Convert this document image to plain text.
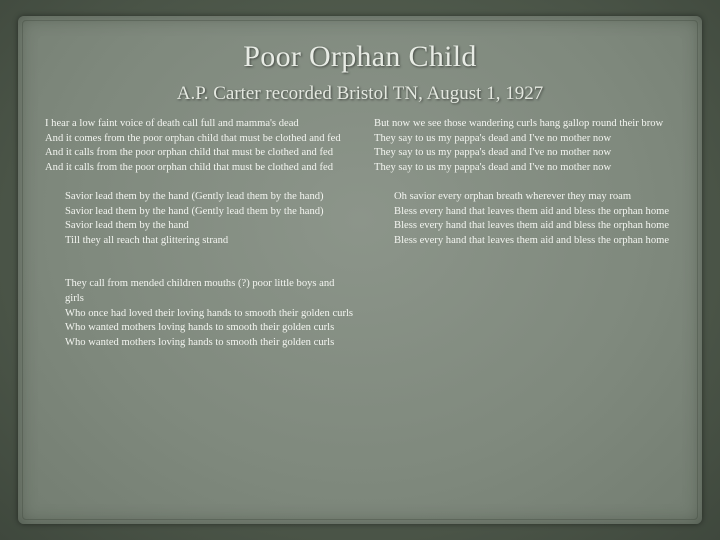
Poor Orphan Child
A.P. Carter recorded Bristol TN, August 1, 1927
I hear a low faint voice of death call full and mamma's dead
And it comes from the poor orphan child that must be clothed and fed
And it calls from the poor orphan child that must be clothed and fed
And it calls from the poor orphan child that must be clothed and fed
Savior lead them by the hand (Gently lead them by the hand)
Savior lead them by the hand (Gently lead them by the hand)
Savior lead them by the hand
Till they all reach that glittering strand
They call from mended children mouths (?) poor little boys and girls
Who once had loved their loving hands to smooth their golden curls
Who wanted mothers loving hands to smooth their golden curls
Who wanted mothers loving hands to smooth their golden curls
But now we see those wandering curls hang gallop round their brow
They say to us my pappa's dead and I've no mother now
They say to us my pappa's dead and I've no mother now
They say to us my pappa's dead and I've no mother now
Oh savior every orphan breath wherever they may roam
Bless every hand that leaves them aid and bless the orphan home
Bless every hand that leaves them aid and bless the orphan home
Bless every hand that leaves them aid and bless the orphan home
